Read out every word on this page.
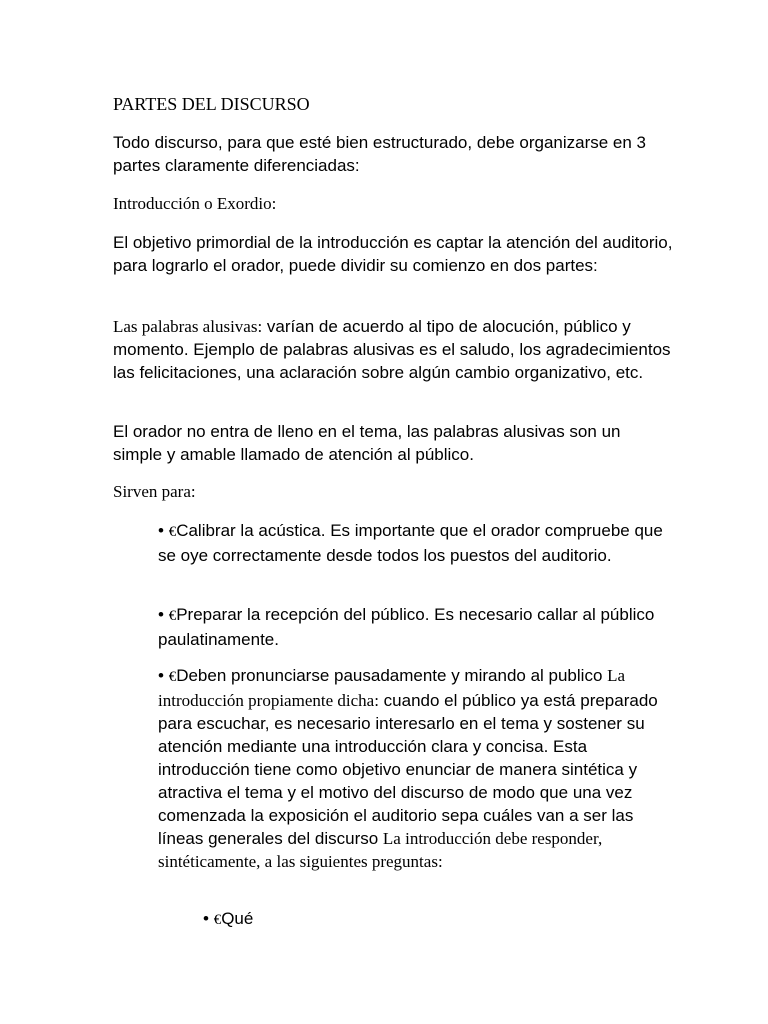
PARTES DEL DISCURSO

Todo discurso, para que esté bien estructurado, debe organizarse en 3 partes claramente diferenciadas:

Introducción o Exordio:

El objetivo primordial de la introducción es captar la atención del auditorio, para lograrlo el orador, puede dividir su comienzo en dos partes:

Las palabras alusivas: varían de acuerdo al tipo de alocución, público y momento. Ejemplo de palabras alusivas es el saludo, los agradecimientos las felicitaciones, una aclaración sobre algún cambio organizativo, etc.

El orador no entra de lleno en el tema, las palabras alusivas son un simple y amable llamado de atención al público.

Sirven para:

• €Calibrar la acústica. Es importante que el orador compruebe que se oye correctamente desde todos los puestos del auditorio.

• €Preparar la recepción del público. Es necesario callar al público paulatinamente.

• €Deben pronunciarse pausadamente y mirando al publico La introducción propiamente dicha: cuando el público ya está preparado para escuchar, es necesario interesarlo en el tema y sostener su atención mediante una introducción clara y concisa. Esta introducción tiene como objetivo enunciar de manera sintética y atractiva el tema y el motivo del discurso de modo que una vez comenzada la exposición el auditorio sepa cuáles van a ser las líneas generales del discurso La introducción debe responder, sintéticamente, a las siguientes preguntas:

• €Qué
